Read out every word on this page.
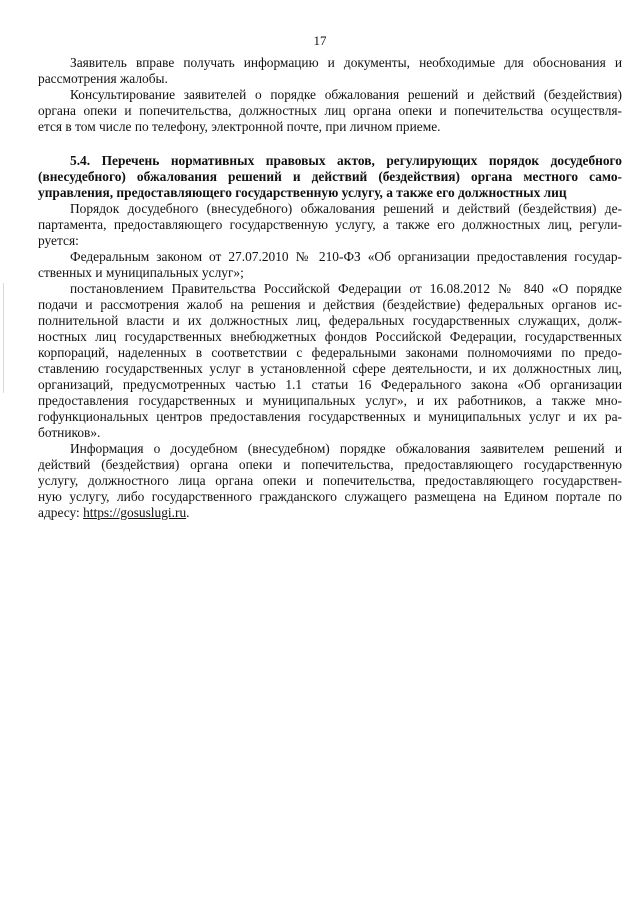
17
Заявитель вправе получать информацию и документы, необходимые для обоснования и
рассмотрения жалобы.
Консультирование заявителей о порядке обжалования решений и действий (бездействия)
органа опеки и попечительства, должностных лиц органа опеки и попечительства осуществля-
ется в том числе по телефону, электронной почте, при личном приеме.
5.4. Перечень нормативных правовых актов, регулирующих порядок досудебного
(внесудебного) обжалования решений и действий (бездействия) органа местного само-
управления, предоставляющего государственную услугу, а также его должностных лиц
Порядок досудебного (внесудебного) обжалования решений и действий (бездействия) де-
партамента, предоставляющего государственную услугу, а также его должностных лиц, регули-
руется:
Федеральным законом от 27.07.2010 № 210-ФЗ «Об организации предоставления государ-
ственных и муниципальных услуг»;
постановлением Правительства Российской Федерации от 16.08.2012 № 840 «О порядке
подачи и рассмотрения жалоб на решения и действия (бездействие) федеральных органов ис-
полнительной власти и их должностных лиц, федеральных государственных служащих, долж-
ностных лиц государственных внебюджетных фондов Российской Федерации, государственных
корпораций, наделенных в соответствии с федеральными законами полномочиями по предо-
ставлению государственных услуг в установленной сфере деятельности, и их должностных лиц,
организаций, предусмотренных частью 1.1 статьи 16 Федерального закона «Об организации
предоставления государственных и муниципальных услуг», и их работников, а также мно-
гофункциональных центров предоставления государственных и муниципальных услуг и их ра-
ботников».
Информация о досудебном (внесудебном) порядке обжалования заявителем решений и
действий (бездействия) органа опеки и попечительства, предоставляющего государственную
услугу, должностного лица органа опеки и попечительства, предоставляющего государствен-
ную услугу, либо государственного гражданского служащего размещена на Едином портале по
адресу: https://gosuslugi.ru.
